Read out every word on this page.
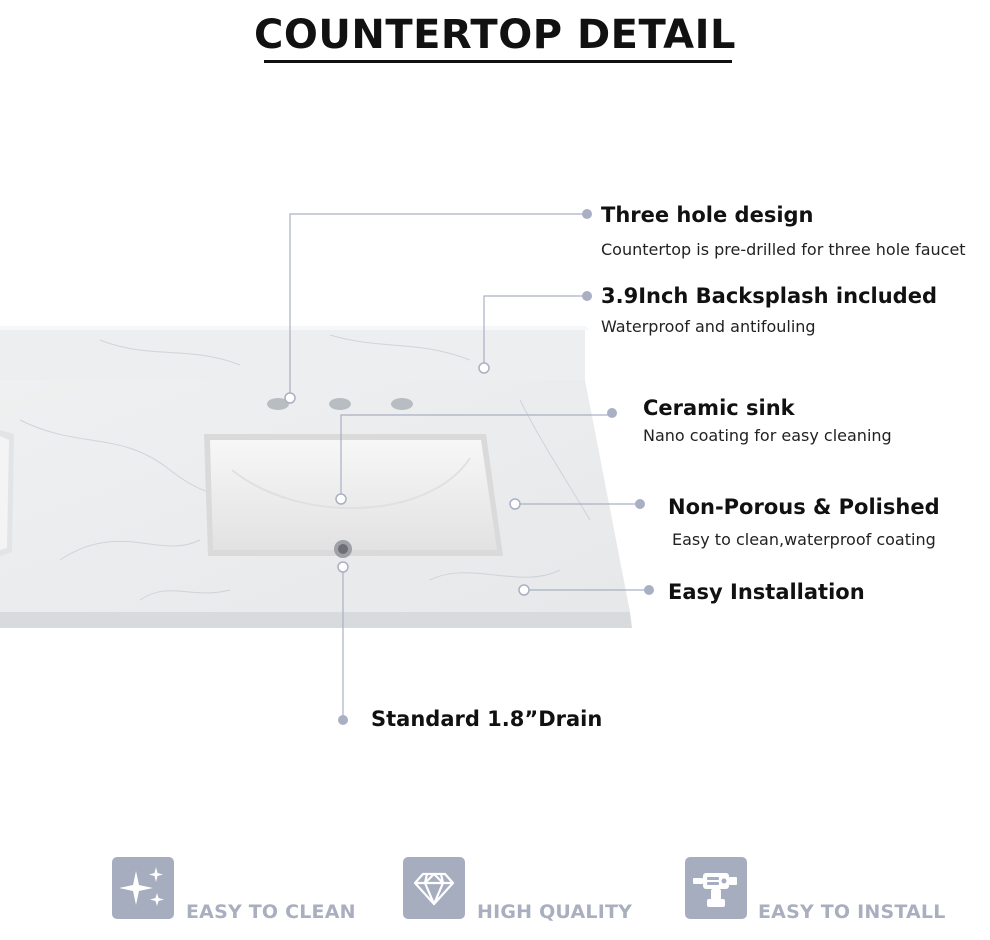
COUNTERTOP DETAIL
Three hole design
Countertop is pre-drilled for three hole faucet
3.9Inch Backsplash included
Waterproof and antifouling
Ceramic sink
Nano coating for easy cleaning
Non-Porous & Polished
Easy to clean,waterproof coating
Easy Installation
Standard 1.8”Drain
EASY TO CLEAN	HIGH QUALITY	EASY TO INSTALL
